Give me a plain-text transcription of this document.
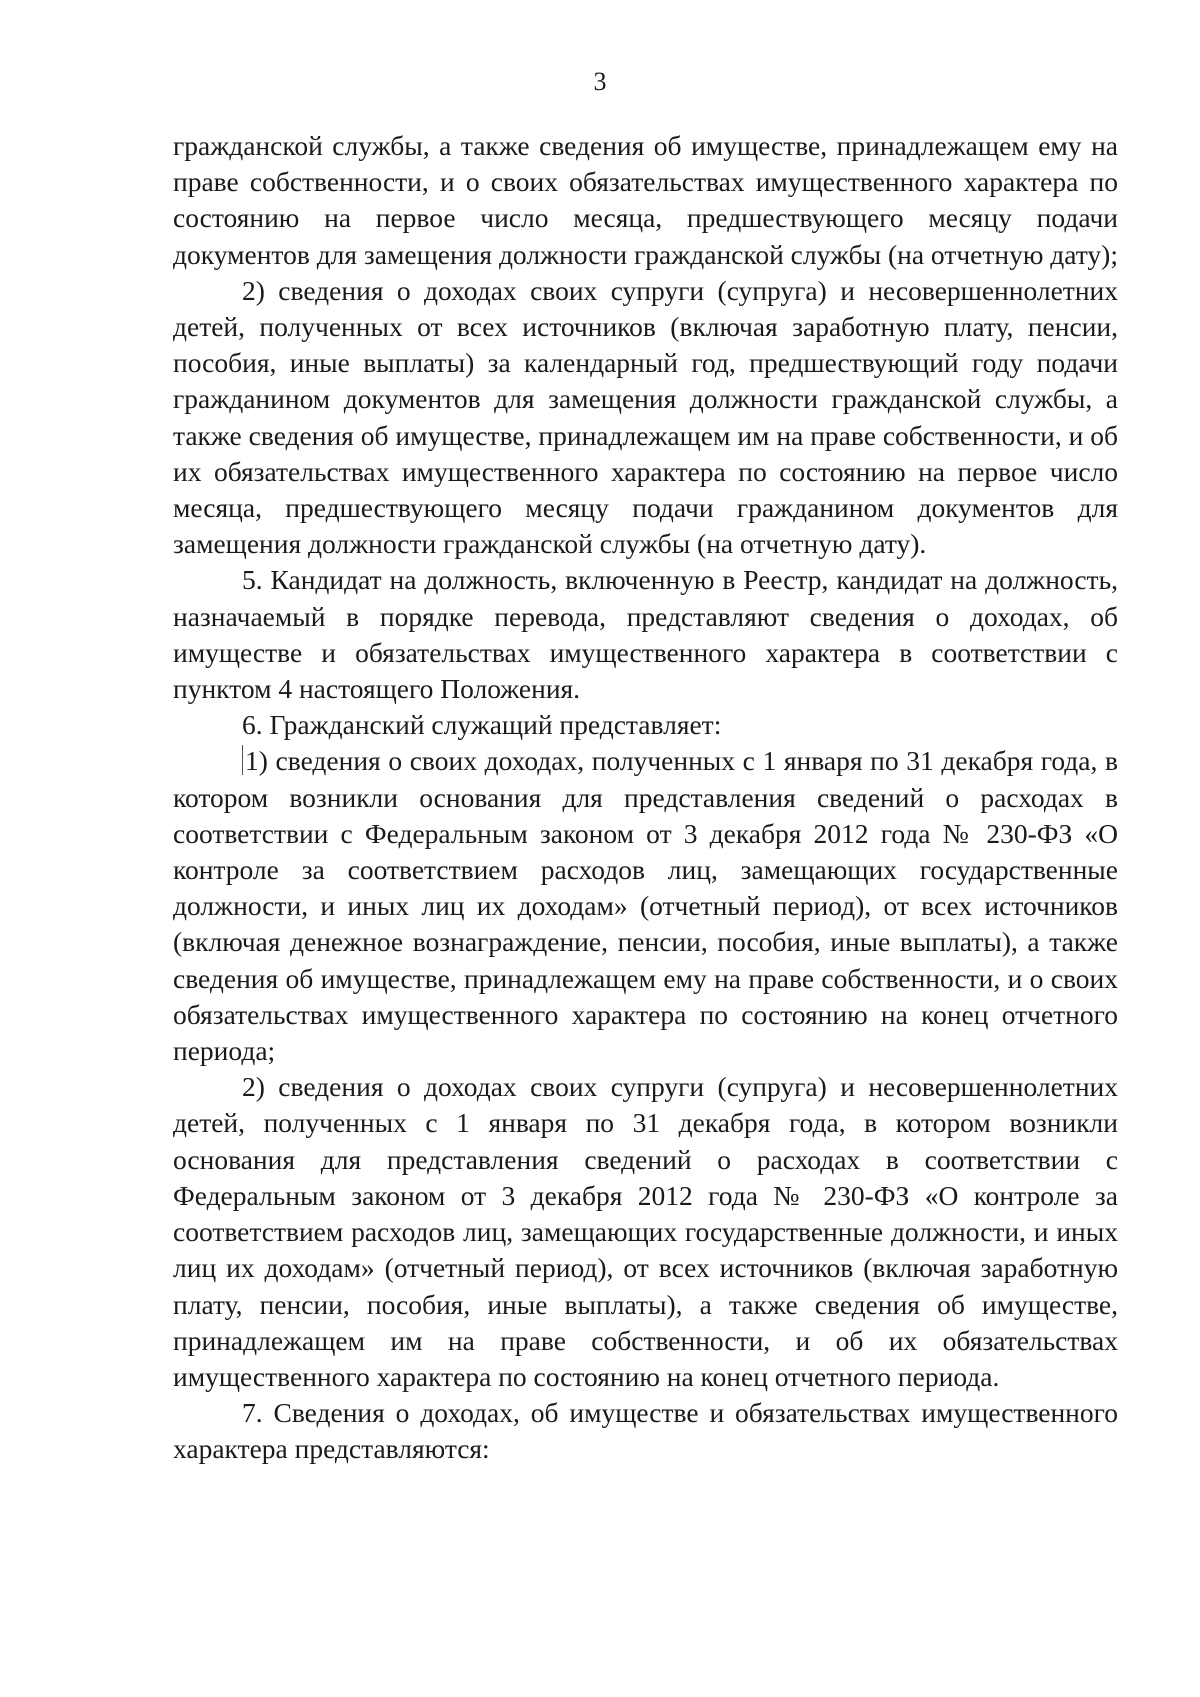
3

гражданской службы, а также сведения об имуществе, принадлежащем ему на праве собственности, и о своих обязательствах имущественного характера по состоянию на первое число месяца, предшествующего месяцу подачи документов для замещения должности гражданской службы (на отчетную дату);

2) сведения о доходах своих супруги (супруга) и несовершеннолетних детей, полученных от всех источников (включая заработную плату, пенсии, пособия, иные выплаты) за календарный год, предшествующий году подачи гражданином документов для замещения должности гражданской службы, а также сведения об имуществе, принадлежащем им на праве собственности, и об их обязательствах имущественного характера по состоянию на первое число месяца, предшествующего месяцу подачи гражданином документов для замещения должности гражданской службы (на отчетную дату).

5. Кандидат на должность, включенную в Реестр, кандидат на должность, назначаемый в порядке перевода, представляют сведения о доходах, об имуществе и обязательствах имущественного характера в соответствии с пунктом 4 настоящего Положения.

6. Гражданский служащий представляет:

1) сведения о своих доходах, полученных с 1 января по 31 декабря года, в котором возникли основания для представления сведений о расходах в соответствии с Федеральным законом от 3 декабря 2012 года № 230-ФЗ «О контроле за соответствием расходов лиц, замещающих государственные должности, и иных лиц их доходам» (отчетный период), от всех источников (включая денежное вознаграждение, пенсии, пособия, иные выплаты), а также сведения об имуществе, принадлежащем ему на праве собственности, и о своих обязательствах имущественного характера по состоянию на конец отчетного периода;

2) сведения о доходах своих супруги (супруга) и несовершеннолетних детей, полученных с 1 января по 31 декабря года, в котором возникли основания для представления сведений о расходах в соответствии с Федеральным законом от 3 декабря 2012 года № 230-ФЗ «О контроле за соответствием расходов лиц, замещающих государственные должности, и иных лиц их доходам» (отчетный период), от всех источников (включая заработную плату, пенсии, пособия, иные выплаты), а также сведения об имуществе, принадлежащем им на праве собственности, и об их обязательствах имущественного характера по состоянию на конец отчетного периода.

7. Сведения о доходах, об имуществе и обязательствах имущественного характера представляются:
